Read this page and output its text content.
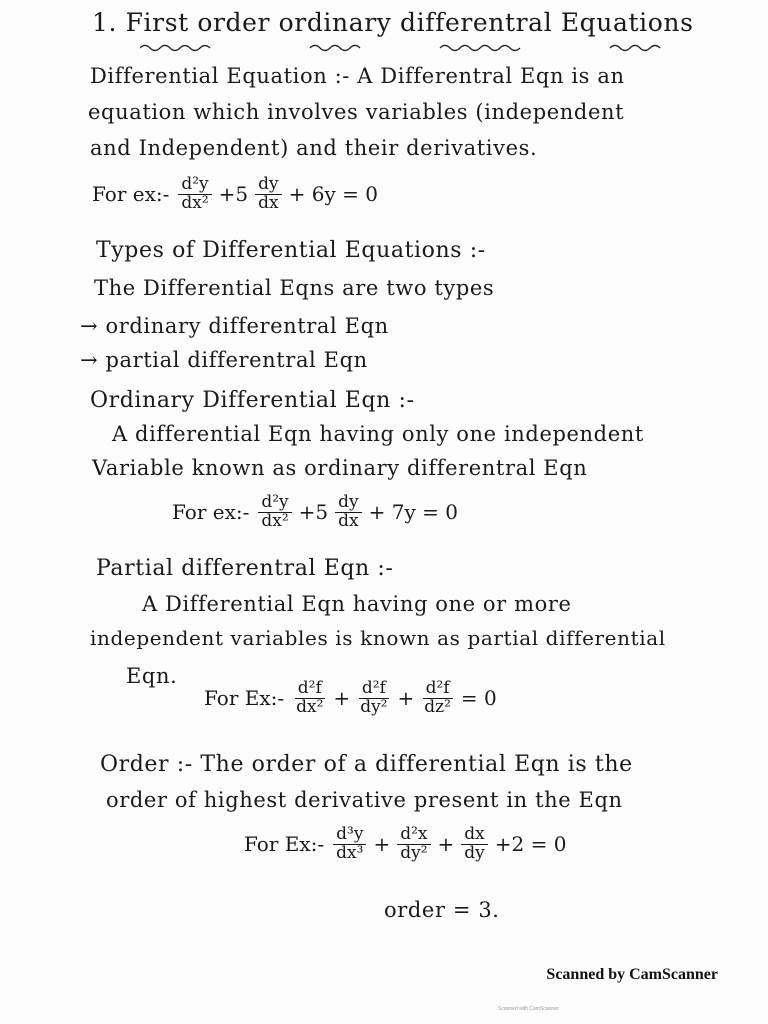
1. First order ordinary differentral Equations
Differential Equation :- A Differentral Eqn is an
equation which involves variables (independent
and Independent) and their derivatives.
For ex:- $\frac{\text{d²y}}{\text{dx²}} +5 \frac{dy}{dx} + 6y = 0$
Types of Differential Equations :-
The Differential Eqns are two types
→ ordinary differentral Eqn
→ partial differentral Eqn
Ordinary Differential Eqn :-
A differential Eqn having only one independent
Variable known as ordinary differentral Eqn
For ex:- $\frac{\text{d²y}}{\text{dx²}} +5 \frac{dy}{dx} + 7y = 0$
Partial differentral Eqn :-
A Differential Eqn having one or more
independent variables is known as partial differential
Eqn.
For Ex:- $\frac{\text{d²f}}{\text{dx²}} + \frac{\text{d²f}}{\text{dy²}} + \frac{\text{d²f}}{\text{dz²}} = 0$
Order :- The order of a differential Eqn is the
order of highest derivative present in the Eqn
For Ex:- $\frac{\text{d³y}}{\text{dx³}} + \frac{\text{d²x}}{\text{dy²}} + \frac{dx}{dy} +2 = 0$
order = 3.
Scanned by CamScanner
Scanned with CamScanner
